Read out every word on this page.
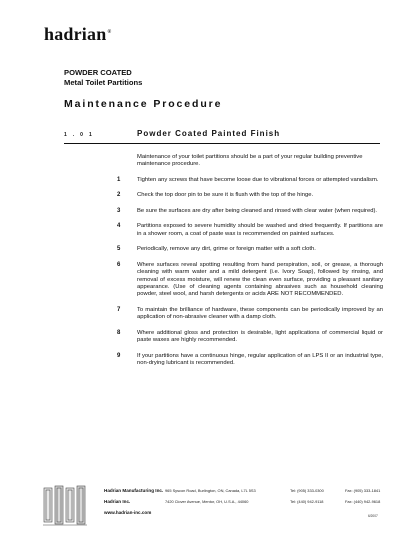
hadrian®
POWDER COATED
Metal Toilet Partitions
Maintenance Procedure
1.01	Powder Coated Painted Finish

Maintenance of your toilet partitions should be a part of your regular building preventive maintenance procedure.

1	Tighten any screws that have become loose due to vibrational forces or attempted vandalism.
2	Check the top door pin to be sure it is flush with the top of the hinge.
3	Be sure the surfaces are dry after being cleaned and rinsed with clear water (when required).
4	Partitions exposed to severe humidity should be washed and dried frequently. If partitions are in a shower room, a coat of paste wax is recommended on painted surfaces.
5	Periodically, remove any dirt, grime or foreign matter with a soft cloth.
6	Where surfaces reveal spotting resulting from hand perspiration, soil, or grease, a thorough cleaning with warm water and a mild detergent (i.e. Ivory Soap), followed by rinsing, and removal of excess moisture, will renew the clean even surface, providing a pleasant sanitary appearance. (Use of cleaning agents containing abrasives such as household cleaning powder, steel wool, and harsh detergents or acids ARE NOT RECOMMENDED.
7	To maintain the brilliance of hardware, these components can be periodically improved by an application of non-abrasive cleaner with a damp cloth.
8	Where additional gloss and protection is desirable, light applications of commercial liquid or paste waxes are highly recommended.
9	If your partitions have a continuous hinge, regular application of an LPS II or an industrial type, non-drying lubricant is recommended.
Hadrian Manufacturing Inc. 965 Syscon Road, Burlington, ON, Canada, L7L 5S3	Tel: (905) 333-0300	Fax: (905) 333-1841
Hadrian Inc.	7420 Clover Avenue, Mentor, OH, U.S.A., 44060	Tel: (440) 942-9118	Fax: (440) 942-9618
www.hadrian-inc.com
6/2007
